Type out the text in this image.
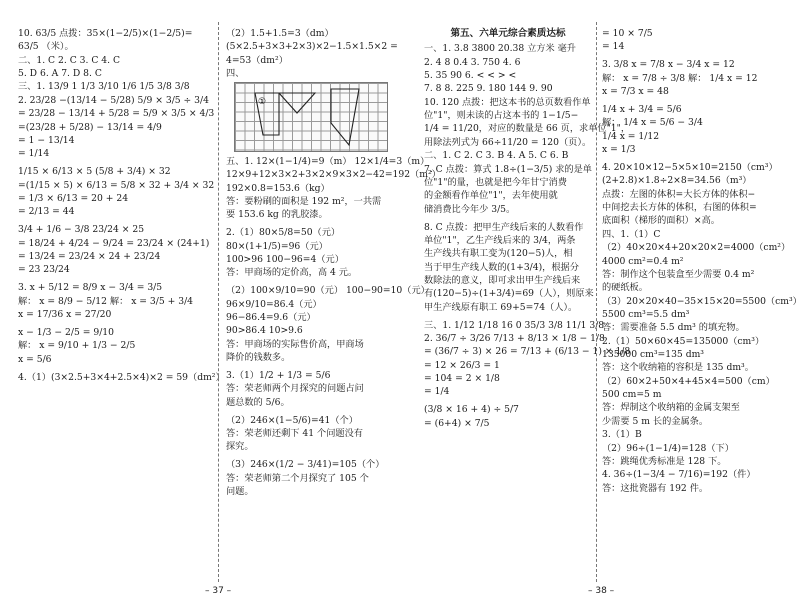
10. 63/5 点拨：35×(1−2/5)×(1−2/5)=
63/5 （米）。
二、1. C 2. C 3. C 4. C
5. D 6. A 7. D 8. C
三、1. 13/9 1 1/3 3/10 1/6 1/5 3/8 3/8
2. 23/28 −(13/14 − 5/28) 5/9 × 3/5 ÷ 3/4
= 23/28 − 13/14 + 5/28 = 5/9 × 3/5 × 4/3
=(23/28 + 5/28) − 13/14 = 4/9
= 1 − 13/14
= 1/14

1/15 × 6/13 × 5 (5/8 + 3/4) × 32
=(1/15 × 5) × 6/13 = 5/8 × 32 + 3/4 × 32
= 1/3 × 6/13 = 20 + 24
= 2/13 = 44

3/4 + 1/6 − 3/8 23/24 × 25
= 18/24 + 4/24 − 9/24 = 23/24 × (24+1)
= 13/24 = 23/24 × 24 + 23/24
= 23 23/24

3. x + 5/12 = 8/9 x − 3/4 = 3/5
解： x = 8/9 − 5/12 解： x = 3/5 + 3/4
x = 17/36 x = 27/20

x − 1/3 − 2/5 = 9/10
解： x = 9/10 + 1/3 − 2/5
x = 5/6

4.（1）(3×2.5+3×4+2.5×4)×2 = 59（dm²）
（2）1.5+1.5=3（dm）
(5×2.5+3×3+2×3)×2−1.5×1.5×2 =
4=53（dm²）
四、
①
五、1. 12×(1−1/4)=9（m） 12×1/4=3（m）
12×9+12×3×2+3×2×9×3×2−42=192（m²）
192×0.8=153.6（kg）
答：要粉刷的面积是 192 m²，一共需
要 153.6 kg 的乳胶漆。

2.（1）80×5/8=50（元）
80×(1+1/5)=96（元）
100>96 100−96=4（元）
答：甲商场的定价高，高 4 元。

（2）100×9/10=90（元） 100−90=10（元）
96×9/10=86.4（元）
96−86.4=9.6（元）
90>86.4 10>9.6
答：甲商场的实际售价高，甲商场
降价的钱数多。

3.（1）1/2 + 1/3 = 5/6
答：荣老师两个月探究的问题占问
题总数的 5/6。

（2）246×(1−5/6)=41（个）
答：荣老师还剩下 41 个问题没有
探究。

（3）246×(1/2 − 3/41)=105（个）
答：荣老师第二个月探究了 105 个
问题。
第五、六单元综合素质达标
一、1. 3.8 3800 20.38 立方米 毫升
2. 4 8 0.4 3. 750 4. 6
5. 35 90 6. < < > <
7. 8 8. 225 9. 180 144 9. 90
10. 120 点拨：把这本书的总页数看作单
位"1"，则未读的占这本书的 1−1/5−
1/4 = 11/20，对应的数量是 66 页，求单位"1"，
用除法列式为 66÷11/20 = 120（页）。
二、1. C 2. C 3. B 4. A 5. C 6. B
7. C 点拨：算式 1.8÷(1−3/5) 求的是单
位"1"的量，也就是把今年甘宁消费
的金额看作单位"1"，去年使用就
储消费比今年少 3/5。

8. C 点拨：把甲生产线后来的人数看作
单位"1"，乙生产线后来的 3/4，两条
生产线共有职工变为(120−5)人，相
当于甲生产线人数的(1+3/4)，根据分
数除法的意义，即可求出甲生产线后来
有(120−5)÷(1+3/4)=69（人），则原来
甲生产线原有职工 69+5=74（人）。

三、1. 1/12 1/18 16 0 35/3 3/8 11/1 3/8
2. 36/7 ÷ 3/26 7/13 + 8/13 × 1/8 − 1/8
= (36/7 ÷ 3) × 26 = 7/13 + (6/13 − 1) × 1/8
= 12 × 26/3 = 1
= 104 = 2 × 1/8
= 1/4

(3/8 × 16 + 4) ÷ 5/7
= (6+4) × 7/5
= 10 × 7/5
= 14

3. 3/8 x = 7/8 x − 3/4 x = 12
解： x = 7/8 ÷ 3/8 解： 1/4 x = 12
x = 7/3 x = 48

1/4 x + 3/4 = 5/6
解： 1/4 x = 5/6 − 3/4
1/4 x = 1/12
x = 1/3

4. 20×10×12−5×5×10=2150（cm³）
(2+2.8)×1.8÷2×8=34.56（m³）
点拨：左图的体积=大长方体的体积−
中间挖去长方体的体积，右图的体积=
底面积（梯形的面积）×高。
四、1.（1）C
（2）40×20×4+20×20×2=4000（cm²）
4000 cm²=0.4 m²
答：制作这个包装盒至少需要 0.4 m²
的硬纸板。
（3）20×20×40−35×15×20=5500（cm³）
5500 cm³=5.5 dm³
答：需要准备 5.5 dm³ 的填充物。
2.（1）50×60×45=135000（cm³）
135000 cm³=135 dm³
答：这个收纳箱的容积是 135 dm³。
（2）60×2+50×4+45×4=500（cm）
500 cm=5 m
答：焊制这个收纳箱的金属支架至
少需要 5 m 长的金属条。
3.（1）B
（2）96÷(1−1/4)=128（下）
答：跳绳优秀标准是 128 下。
4. 36÷(1−3/4 − 7/16)=192（件）
答：这批瓷器有 192 件。
– 37 –	– 38 –
